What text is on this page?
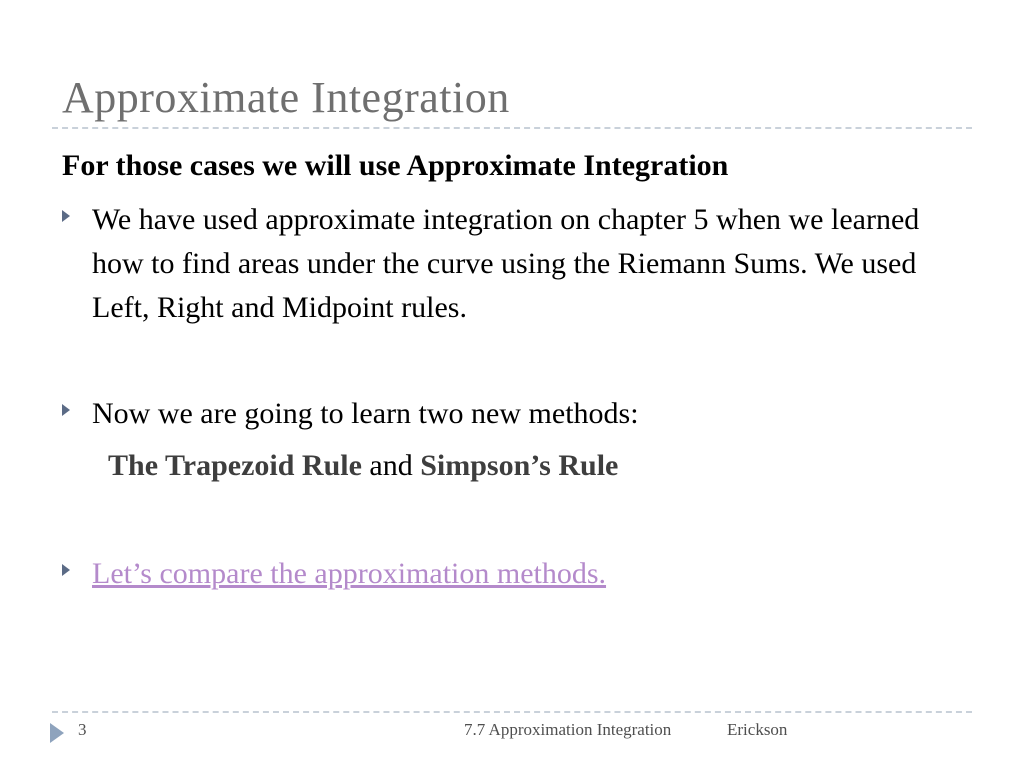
Approximate Integration
For those cases we will use Approximate Integration
We have used approximate integration on chapter 5 when we learned how to find areas under the curve using the Riemann Sums. We used Left, Right and Midpoint rules.
Now we are going to learn two new methods:
The Trapezoid Rule and Simpson’s Rule
Let’s compare the approximation methods.
3	7.7 Approximation Integration	Erickson
